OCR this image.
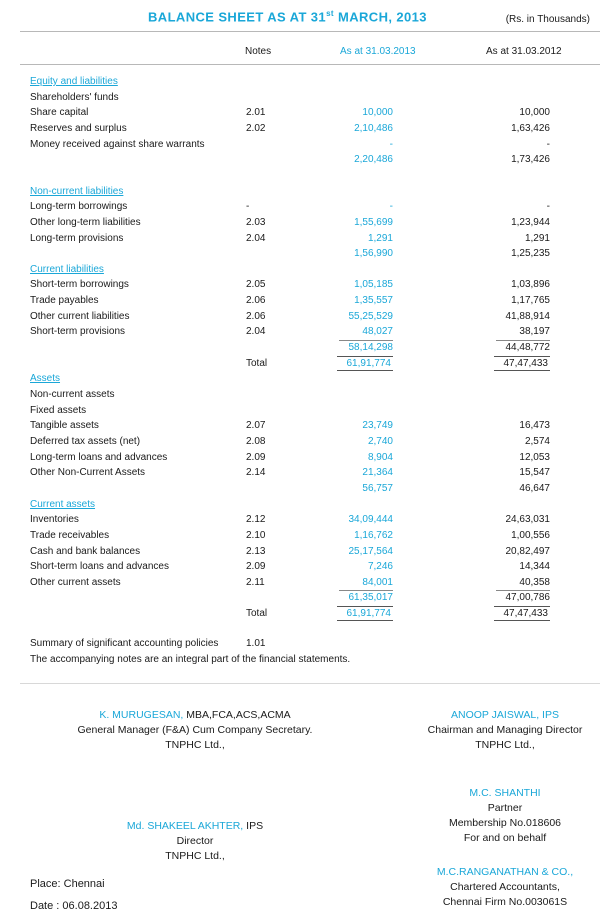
BALANCE SHEET AS AT 31st MARCH, 2013	(Rs. in Thousands)
Notes	As at 31.03.2013	As at 31.03.2012
Equity and liabilities
Shareholders' funds
Share capital	2.01	10,000	10,000
Reserves and surplus	2.02	2,10,486	1,63,426
Money received against share warrants	-	-
2,20,486	1,73,426
Non-current liabilities
Long-term borrowings	-	-	-
Other long-term liabilities	2.03	1,55,699	1,23,944
Long-term provisions	2.04	1,291	1,291
1,56,990	1,25,235
Current liabilities
Short-term borrowings	2.05	1,05,185	1,03,896
Trade payables	2.06	1,35,557	1,17,765
Other current liabilities	2.06	55,25,529	41,88,914
Short-term provisions	2.04	48,027	38,197
58,14,298	44,48,772
Total	61,91,774	47,47,433
Assets
Non-current assets
Fixed assets
Tangible assets	2.07	23,749	16,473
Deferred tax assets (net)	2.08	2,740	2,574
Long-term loans and advances	2.09	8,904	12,053
Other Non-Current Assets	2.14	21,364	15,547
56,757	46,647
Current assets
Inventories	2.12	34,09,444	24,63,031
Trade receivables	2.10	1,16,762	1,00,556
Cash and bank balances	2.13	25,17,564	20,82,497
Short-term loans and advances	2.09	7,246	14,344
Other current assets	2.11	84,001	40,358
61,35,017	47,00,786
Total	61,91,774	47,47,433
Summary of significant accounting policies	1.01
The accompanying notes are an integral part of the financial statements.
K. MURUGESAN, MBA,FCA,ACS,ACMA
General Manager (F&A) Cum Company Secretary.
TNPHC Ltd.,
ANOOP JAISWAL, IPS
Chairman and Managing Director
TNPHC Ltd.,
Md. SHAKEEL AKHTER, IPS
Director
TNPHC Ltd.,
M.C. SHANTHI
Partner
Membership No.018606
For and on behalf
M.C.RANGANATHAN & CO.,
Chartered Accountants,
Chennai Firm No.003061S
Place: Chennai
Date : 06.08.2013
